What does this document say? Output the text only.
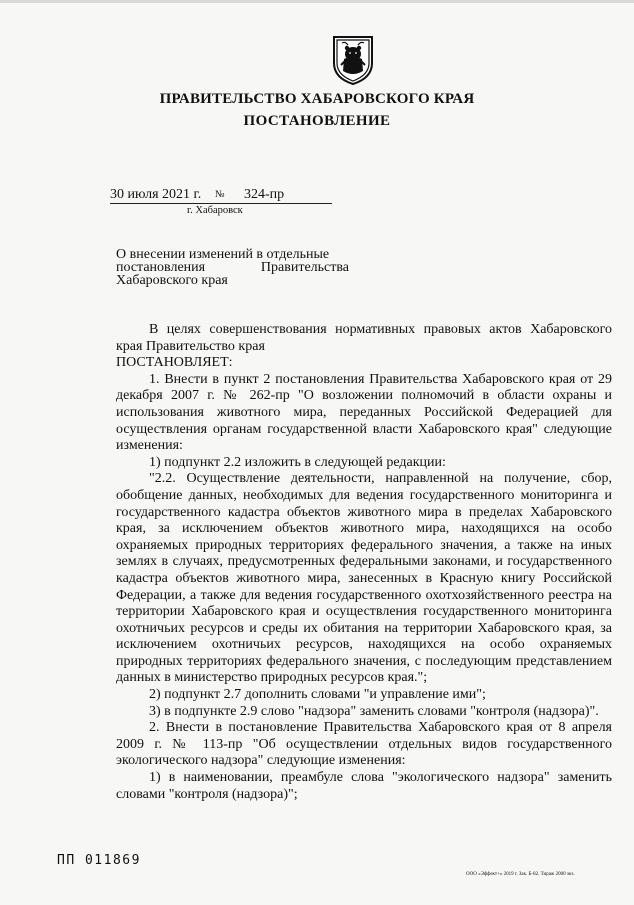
ПРАВИТЕЛЬСТВО ХАБАРОВСКОГО КРАЯ
ПОСТАНОВЛЕНИЕ
30 июля 2021 г. № 324-пр
г. Хабаровск
О внесении изменений в отдельные
постановления Правительства
Хабаровского края

В целях совершенствования нормативных правовых актов Хабаровского края Правительство края

ПОСТАНОВЛЯЕТ:

1. Внести в пункт 2 постановления Правительства Хабаровского края от 29 декабря 2007 г. № 262-пр "О возложении полномочий в области охраны и использования животного мира, переданных Российской Федерацией для осуществления органам государственной власти Хабаровского края" следующие изменения:

1) подпункт 2.2 изложить в следующей редакции:

"2.2. Осуществление деятельности, направленной на получение, сбор, обобщение данных, необходимых для ведения государственного мониторинга и государственного кадастра объектов животного мира в пределах Хабаровского края, за исключением объектов животного мира, находящихся на особо охраняемых природных территориях федерального значения, а также на иных землях в случаях, предусмотренных федеральными законами, и государственного кадастра объектов животного мира, занесенных в Красную книгу Российской Федерации, а также для ведения государственного охотхозяйственного реестра на территории Хабаровского края и осуществления государственного мониторинга охотничьих ресурсов и среды их обитания на территории Хабаровского края, за исключением охотничьих ресурсов, находящихся на особо охраняемых природных территориях федерального значения, с последующим представлением данных в министерство природных ресурсов края.";

2) подпункт 2.7 дополнить словами "и управление ими";

3) в подпункте 2.9 слово "надзора" заменить словами "контроля (надзора)".

2. Внести в постановление Правительства Хабаровского края от 8 апреля 2009 г. № 113-пр "Об осуществлении отдельных видов государственного экологического надзора" следующие изменения:

1) в наименовании, преамбуле слова "экологического надзора" заменить словами "контроля (надзора)";

ПП 011869
ООО «Эффект+» 2019 г. Зак. Б-82. Тираж 2000 экз.
